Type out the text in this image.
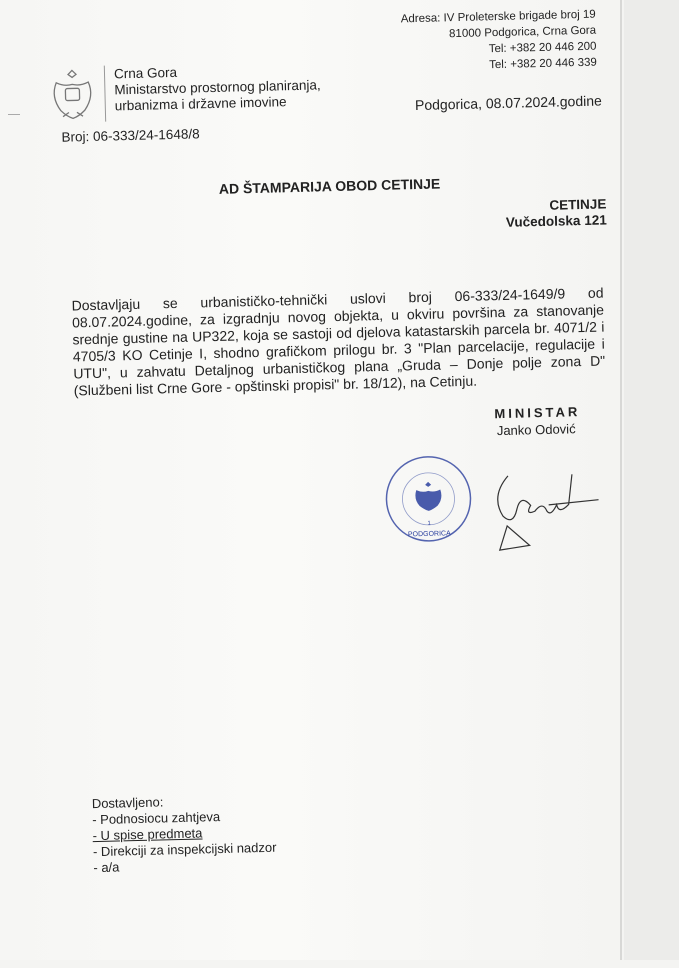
Crna Gora
Ministarstvo prostornog planiranja,
urbanizma i državne imovine
Adresa: IV Proleterske brigade broj 19
81000 Podgorica, Crna Gora
Tel: +382 20 446 200
Tel: +382 20 446 339
Podgorica, 08.07.2024.godine
Broj: 06-333/24-1648/8
AD ŠTAMPARIJA OBOD CETINJE
CETINJE
Vučedolska 121
Dostavljaju se urbanističko-tehnički uslovi broj 06-333/24-1649/9 od 08.07.2024.godine, za izgradnju novog objekta, u okviru površina za stanovanje srednje gustine na UP322, koja se sastoji od djelova katastarskih parcela br. 4071/2 i 4705/3 KO Cetinje I, shodno grafičkom prilogu br. 3 "Plan parcelacije, regulacije i UTU", u zahvatu Detaljnog urbanističkog plana „Gruda – Donje polje zona D" (Službeni list Crne Gore - opštinski propisi" br. 18/12), na Cetinju.
MINISTAR
Janko Odović
PODGORICA
1
Dostavljeno:
- Podnosiocu zahtjeva
- U spise predmeta
- Direkciji za inspekcijski nadzor
- a/a
